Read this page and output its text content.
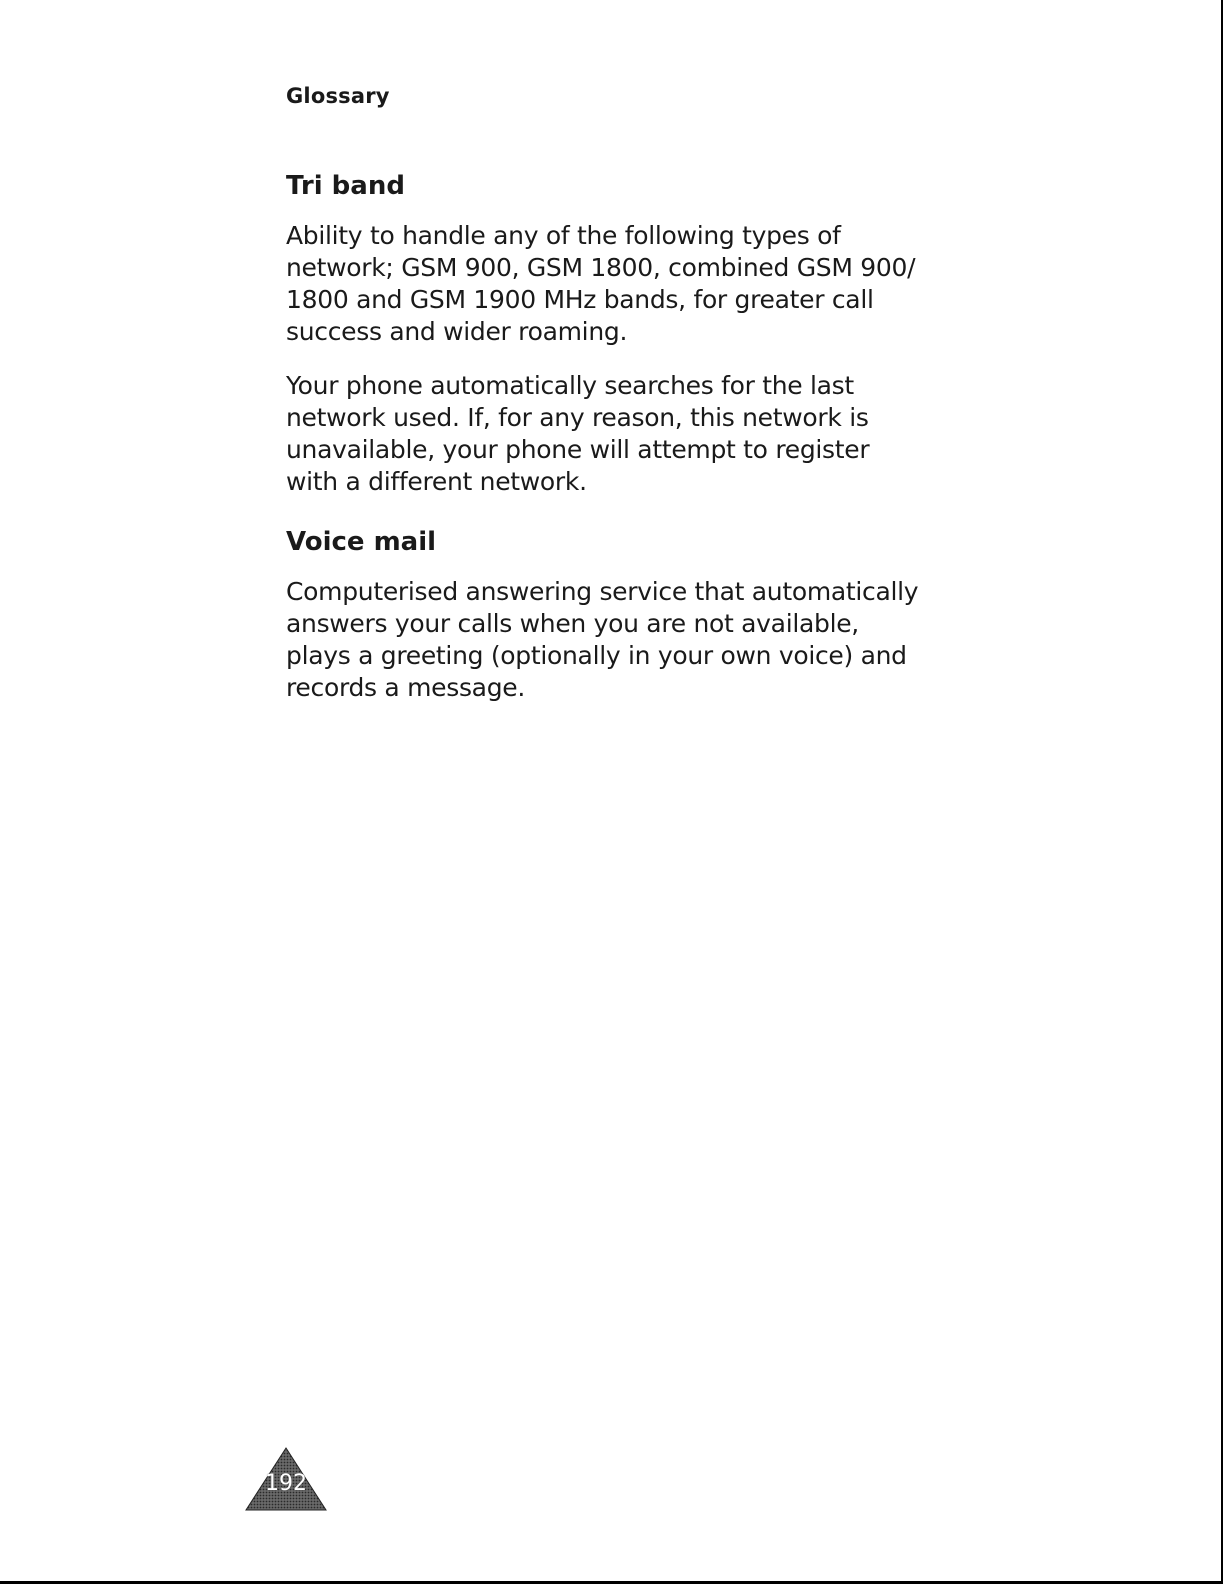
Glossary
Tri band

Ability to handle any of the following types of
network; GSM 900, GSM 1800, combined GSM 900/
1800 and GSM 1900 MHz bands, for greater call
success and wider roaming.

Your phone automatically searches for the last
network used. If, for any reason, this network is
unavailable, your phone will attempt to register
with a different network.

Voice mail

Computerised answering service that automatically
answers your calls when you are not available,
plays a greeting (optionally in your own voice) and
records a message.

192
